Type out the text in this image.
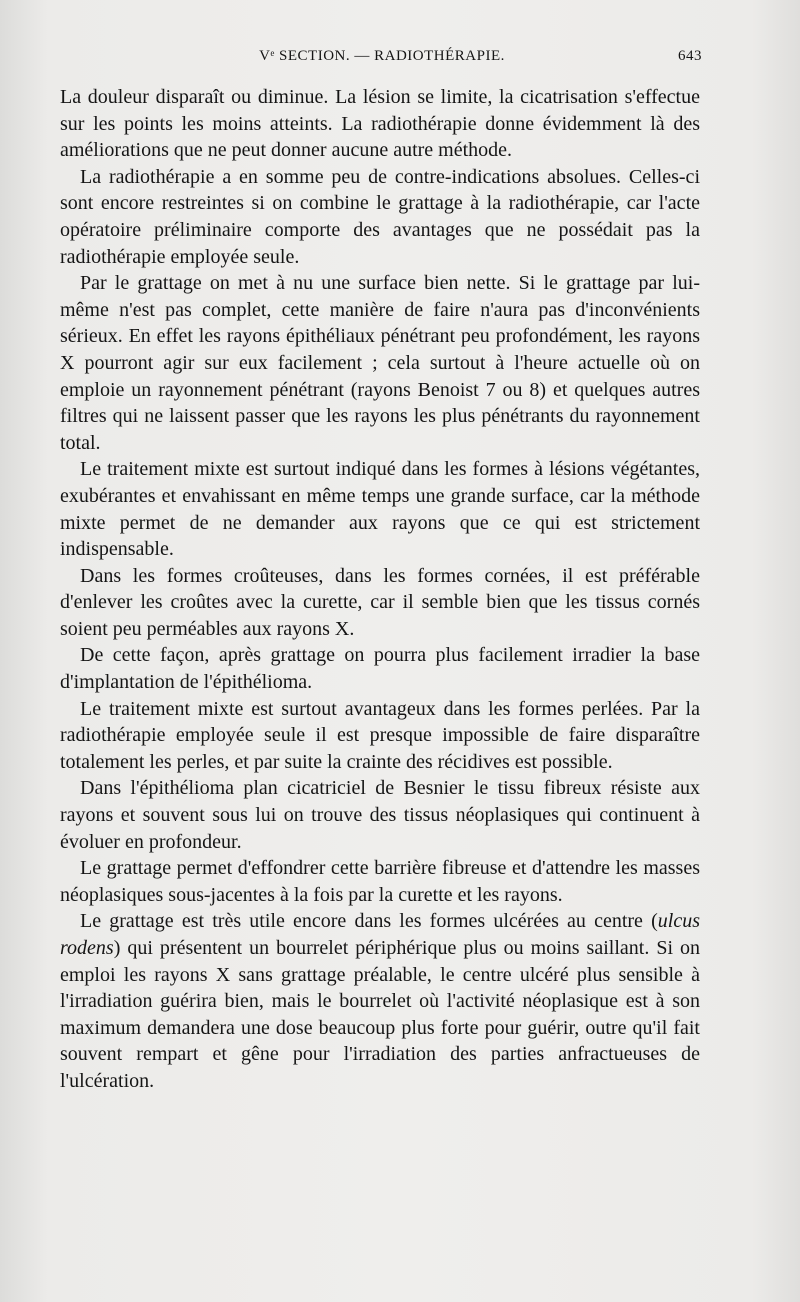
Vᵉ SECTION. — RADIOTHÉRAPIE.	643

La douleur disparaît ou diminue. La lésion se limite, la cicatrisation s'effectue sur les points les moins atteints. La radiothérapie donne évidemment là des améliorations que ne peut donner aucune autre méthode.

La radiothérapie a en somme peu de contre-indications absolues. Celles-ci sont encore restreintes si on combine le grattage à la radiothérapie, car l'acte opératoire préliminaire comporte des avantages que ne possédait pas la radiothérapie employée seule.

Par le grattage on met à nu une surface bien nette. Si le grattage par lui-même n'est pas complet, cette manière de faire n'aura pas d'inconvénients sérieux. En effet les rayons épithéliaux pénétrant peu profondément, les rayons X pourront agir sur eux facilement ; cela surtout à l'heure actuelle où on emploie un rayonnement pénétrant (rayons Benoist 7 ou 8) et quelques autres filtres qui ne laissent passer que les rayons les plus pénétrants du rayonnement total.

Le traitement mixte est surtout indiqué dans les formes à lésions végétantes, exubérantes et envahissant en même temps une grande surface, car la méthode mixte permet de ne demander aux rayons que ce qui est strictement indispensable.

Dans les formes croûteuses, dans les formes cornées, il est préférable d'enlever les croûtes avec la curette, car il semble bien que les tissus cornés soient peu perméables aux rayons X.

De cette façon, après grattage on pourra plus facilement irradier la base d'implantation de l'épithélioma.

Le traitement mixte est surtout avantageux dans les formes perlées. Par la radiothérapie employée seule il est presque impossible de faire disparaître totalement les perles, et par suite la crainte des récidives est possible.

Dans l'épithélioma plan cicatriciel de Besnier le tissu fibreux résiste aux rayons et souvent sous lui on trouve des tissus néoplasiques qui continuent à évoluer en profondeur.

Le grattage permet d'effondrer cette barrière fibreuse et d'attendre les masses néoplasiques sous-jacentes à la fois par la curette et les rayons.

Le grattage est très utile encore dans les formes ulcérées au centre (ulcus rodens) qui présentent un bourrelet périphérique plus ou moins saillant. Si on emploi les rayons X sans grattage préalable, le centre ulcéré plus sensible à l'irradiation guérira bien, mais le bourrelet où l'activité néoplasique est à son maximum demandera une dose beaucoup plus forte pour guérir, outre qu'il fait souvent rempart et gêne pour l'irradiation des parties anfractueuses de l'ulcération.
